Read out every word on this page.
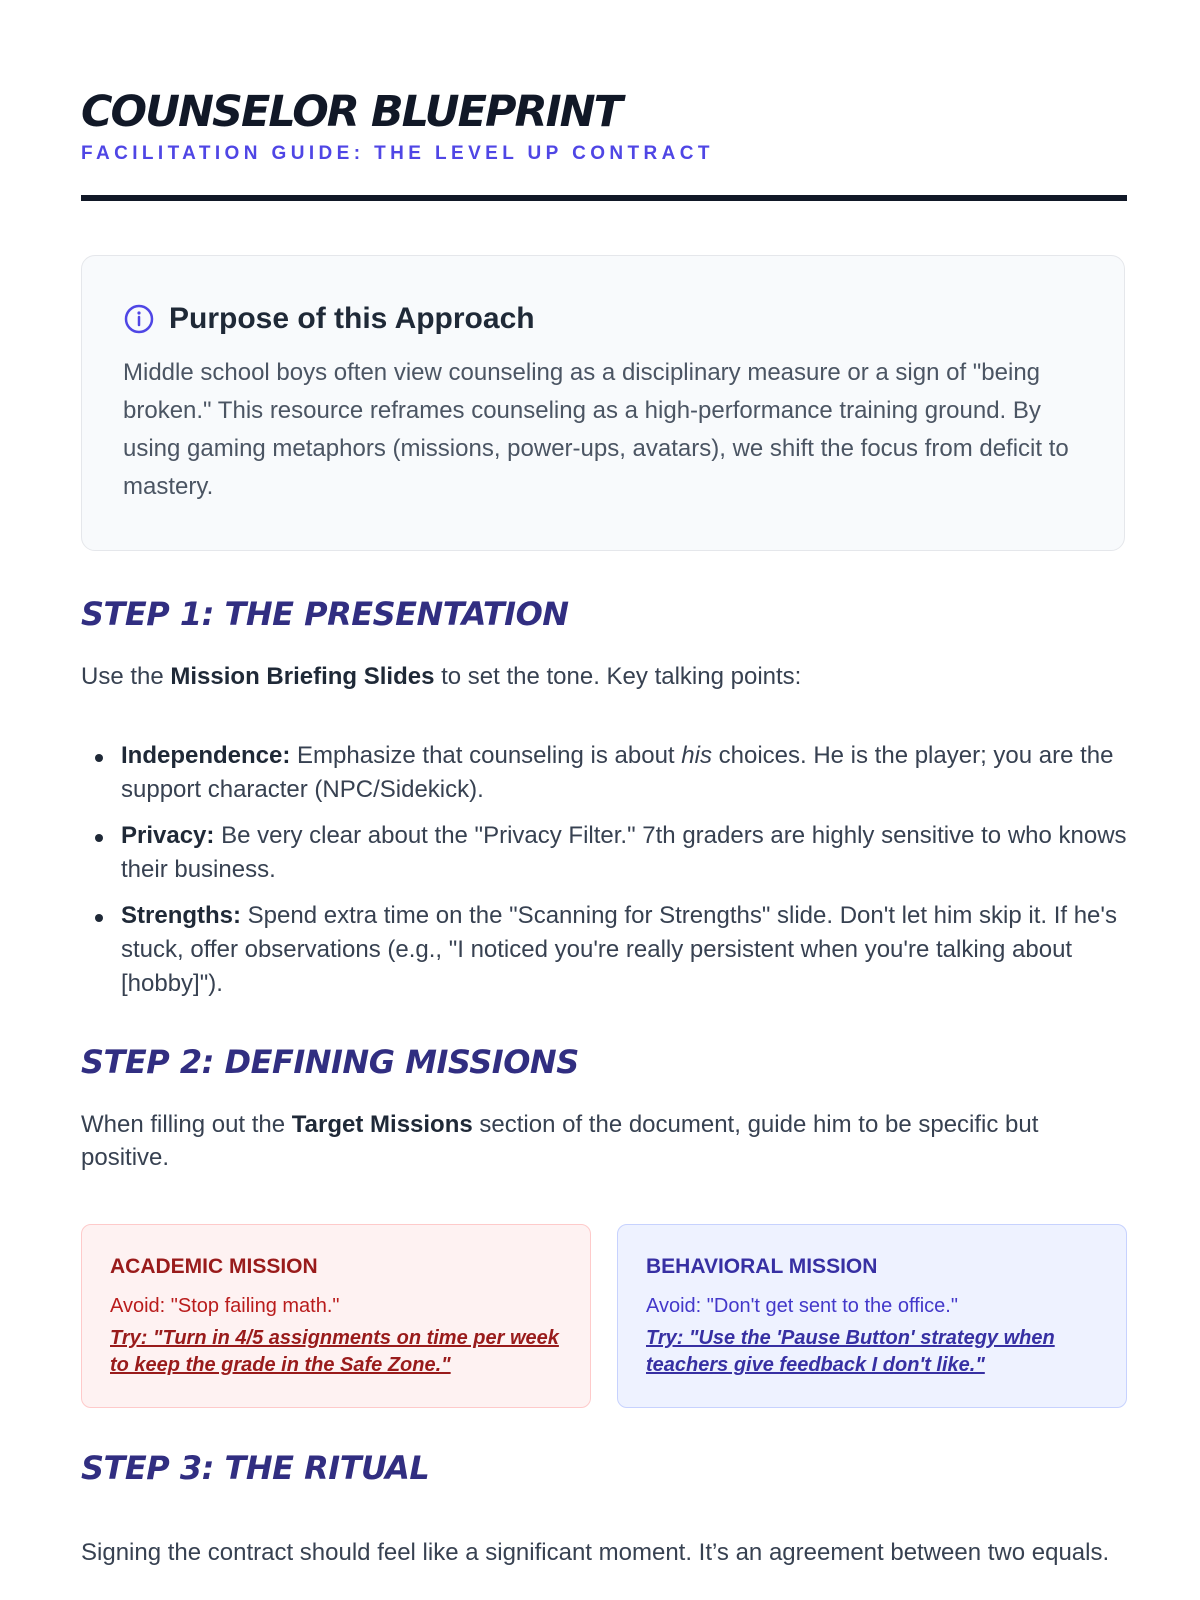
COUNSELOR BLUEPRINT
FACILITATION GUIDE: THE LEVEL UP CONTRACT
Purpose of this Approach

Middle school boys often view counseling as a disciplinary measure or a sign of "being broken." This resource reframes counseling as a high-performance training ground. By using gaming metaphors (missions, power-ups, avatars), we shift the focus from deficit to mastery.

STEP 1: THE PRESENTATION

Use the Mission Briefing Slides to set the tone. Key talking points:

Independence: Emphasize that counseling is about his choices. He is the player; you are the support character (NPC/Sidekick).
Privacy: Be very clear about the "Privacy Filter." 7th graders are highly sensitive to who knows their business.
Strengths: Spend extra time on the "Scanning for Strengths" slide. Don't let him skip it. If he's stuck, offer observations (e.g., "I noticed you're really persistent when you're talking about [hobby]").
STEP 2: DEFINING MISSIONS

When filling out the Target Missions section of the document, guide him to be specific but positive.

ACADEMIC MISSION

Avoid: "Stop failing math."

Try: "Turn in 4/5 assignments on time per week to keep the grade in the Safe Zone."

BEHAVIORAL MISSION

Avoid: "Don't get sent to the office."

Try: "Use the 'Pause Button' strategy when teachers give feedback I don't like."

STEP 3: THE RITUAL

Signing the contract should feel like a significant moment. It’s an agreement between two equals.
